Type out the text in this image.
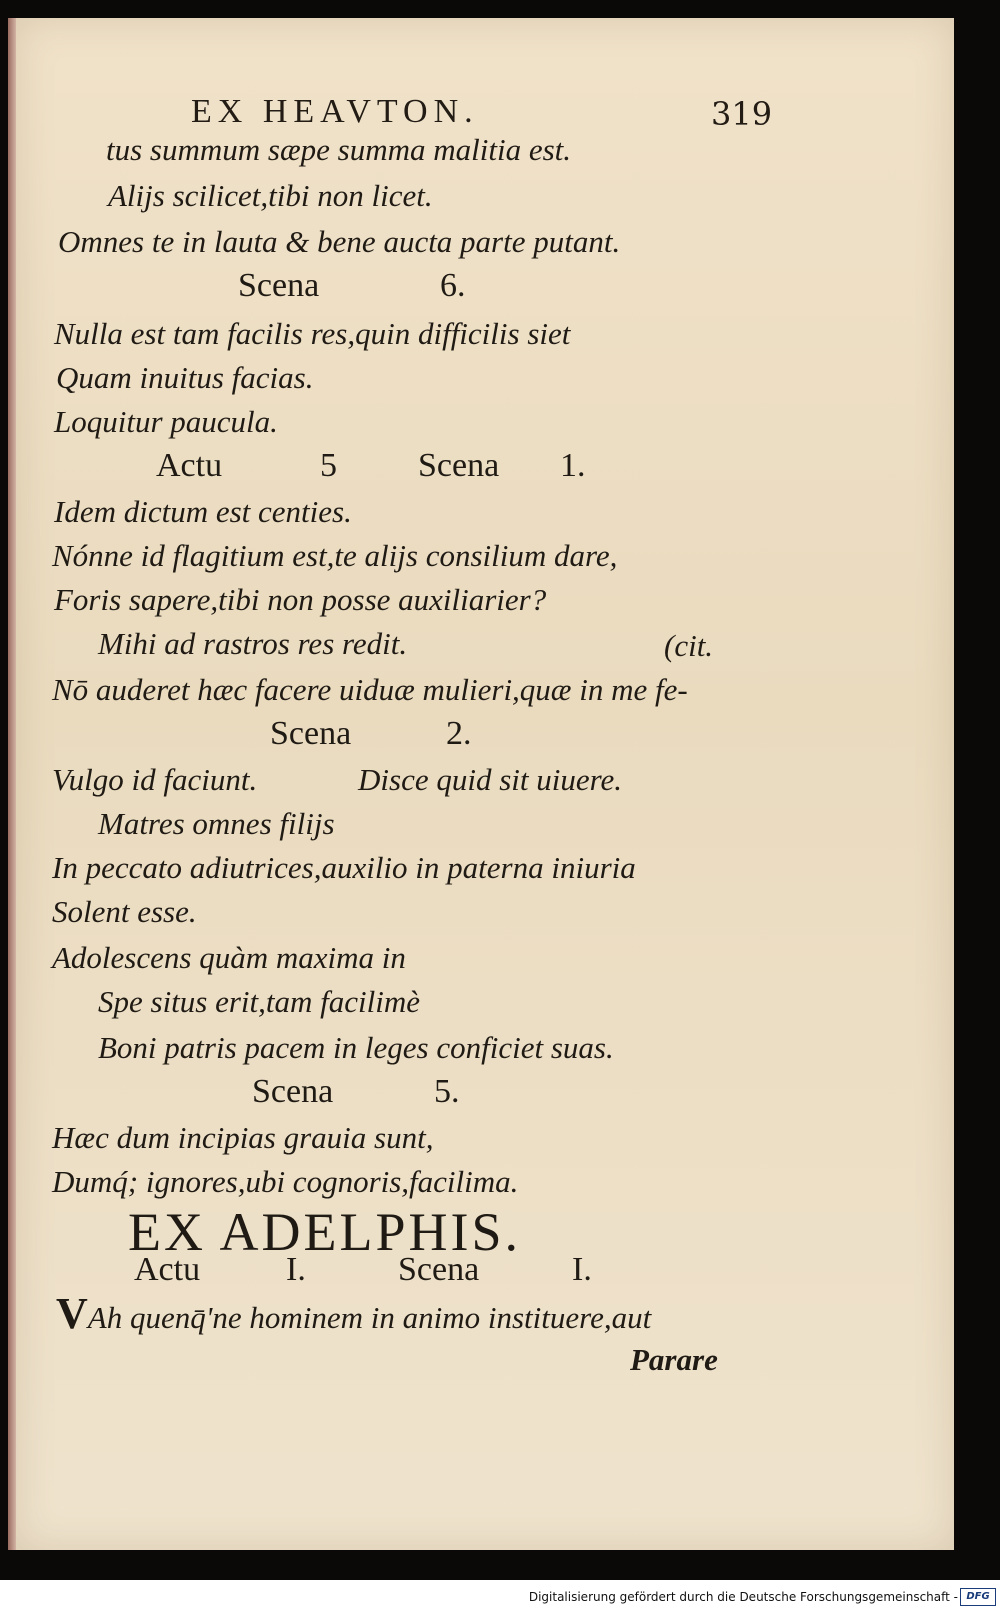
EX HEAVTON.	319
tus summum sæpe summa malitia est.
Alijs scilicet,tibi non licet.
Omnes te in lauta & bene aucta parte putant.
Scena	6.
Nulla est tam facilis res,quin difficilis siet
Quam inuitus facias.
Loquitur paucula.
Actu	5 Scena 1.
Idem dictum est centies.
Nónne id flagitium est,te alijs consilium dare,
Foris sapere,tibi non posse auxiliarier?
Mihi ad rastros res redit.	(cit.
Nō auderet hæc facere uiduæ mulieri,quæ in me fe-
Scena	2.
Vulgo id faciunt.	Disce quid sit uiuere.
Matres omnes filijs
In peccato adiutrices,auxilio in paterna iniuria
Solent esse.
Adolescens quàm maxima in
Spe situs erit,tam facilimè
Boni patris pacem in leges conficiet suas.
Scena	5.
Hæc dum incipias grauia sunt,
Dumq́; ignores,ubi cognoris,facilima.
EX ADELPHIS.
Actu	I.	Scena	I.
VAh quenq̄'ne hominem in animo instituere,aut
Parare
Digitalisierung gefördert durch die Deutsche Forschungsgemeinschaft - DFG
